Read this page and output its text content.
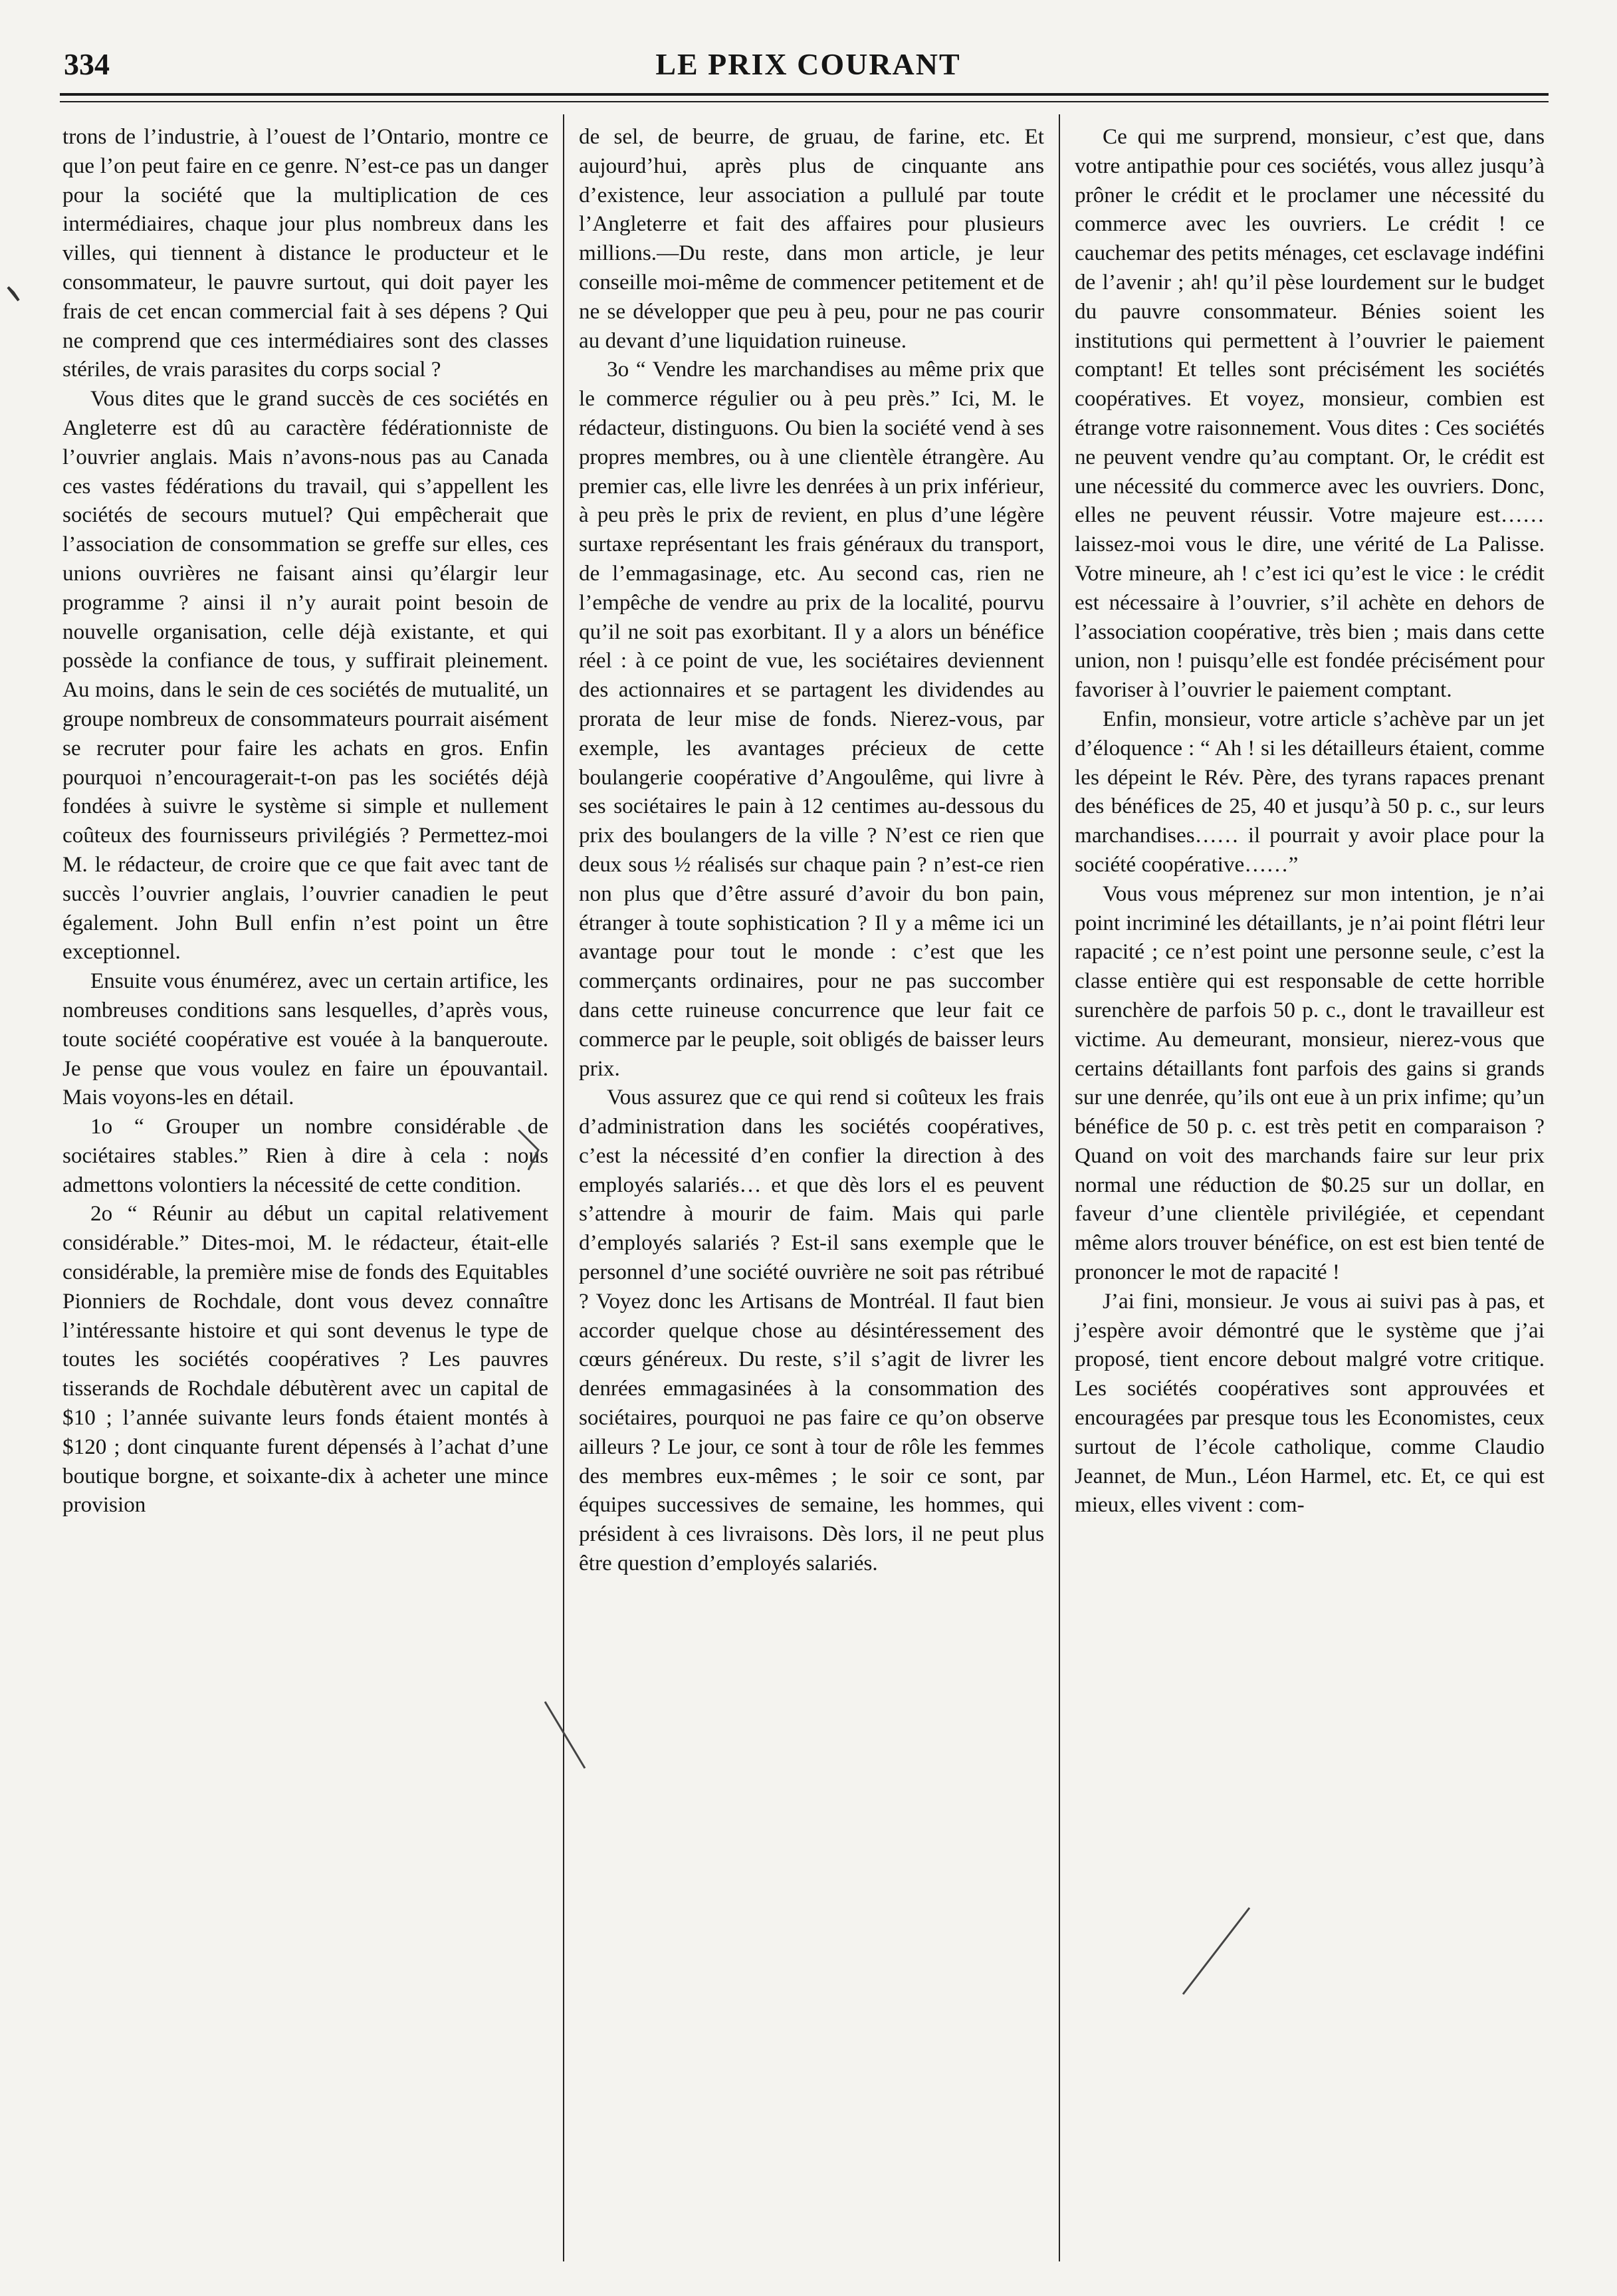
334	LE PRIX COURANT

trons de l’industrie, à l’ouest de l’Ontario, montre ce que l’on peut faire en ce genre. N’est-ce pas un danger pour la société que la multiplication de ces intermédiaires, chaque jour plus nombreux dans les villes, qui tiennent à distance le producteur et le consommateur, le pauvre surtout, qui doit payer les frais de cet encan commercial fait à ses dépens ? Qui ne comprend que ces intermédiaires sont des classes stériles, de vrais parasites du corps social ?

Vous dites que le grand succès de ces sociétés en Angleterre est dû au caractère fédérationniste de l’ouvrier anglais. Mais n’avons-nous pas au Canada ces vastes fédérations du travail, qui s’appellent les sociétés de secours mutuel? Qui empêcherait que l’association de consommation se greffe sur elles, ces unions ouvrières ne faisant ainsi qu’élargir leur programme ? ainsi il n’y aurait point besoin de nouvelle organisation, celle déjà existante, et qui possède la confiance de tous, y suffirait pleinement. Au moins, dans le sein de ces sociétés de mutualité, un groupe nombreux de consommateurs pourrait aisément se recruter pour faire les achats en gros. Enfin pourquoi n’encouragerait-t-on pas les sociétés déjà fondées à suivre le système si simple et nullement coûteux des fournisseurs privilégiés ? Permettez-moi M. le rédacteur, de croire que ce que fait avec tant de succès l’ouvrier anglais, l’ouvrier canadien le peut également. John Bull enfin n’est point un être exceptionnel.

Ensuite vous énumérez, avec un certain artifice, les nombreuses conditions sans lesquelles, d’après vous, toute société coopérative est vouée à la banqueroute. Je pense que vous voulez en faire un épouvantail. Mais voyons-les en détail.

1o “ Grouper un nombre considérable de sociétaires stables.” Rien à dire à cela : nous admettons volontiers la nécessité de cette condition.

2o “ Réunir au début un capital relativement considérable.” Dites-moi, M. le rédacteur, était-elle considérable, la première mise de fonds des Equitables Pionniers de Rochdale, dont vous devez connaître l’intéressante histoire et qui sont devenus le type de toutes les sociétés coopératives ? Les pauvres tisserands de Rochdale débutèrent avec un capital de $10 ; l’année suivante leurs fonds étaient montés à $120 ; dont cinquante furent dépensés à l’achat d’une boutique borgne, et soixante-dix à acheter une mince provision

de sel, de beurre, de gruau, de farine, etc. Et aujourd’hui, après plus de cinquante ans d’existence, leur association a pullulé par toute l’Angleterre et fait des affaires pour plusieurs millions.—Du reste, dans mon article, je leur conseille moi-même de commencer petitement et de ne se développer que peu à peu, pour ne pas courir au devant d’une liquidation ruineuse.

3o “ Vendre les marchandises au même prix que le commerce régulier ou à peu près.” Ici, M. le rédacteur, distinguons. Ou bien la société vend à ses propres membres, ou à une clientèle étrangère. Au premier cas, elle livre les denrées à un prix inférieur, à peu près le prix de revient, en plus d’une légère surtaxe représentant les frais généraux du transport, de l’emmagasinage, etc. Au second cas, rien ne l’empêche de vendre au prix de la localité, pourvu qu’il ne soit pas exorbitant. Il y a alors un bénéfice réel : à ce point de vue, les sociétaires deviennent des actionnaires et se partagent les dividendes au prorata de leur mise de fonds. Nierez-vous, par exemple, les avantages précieux de cette boulangerie coopérative d’Angoulême, qui livre à ses sociétaires le pain à 12 centimes au-dessous du prix des boulangers de la ville ? N’est ce rien que deux sous ½ réalisés sur chaque pain ? n’est-ce rien non plus que d’être assuré d’avoir du bon pain, étranger à toute sophistication ? Il y a même ici un avantage pour tout le monde : c’est que les commerçants ordinaires, pour ne pas succomber dans cette ruineuse concurrence que leur fait ce commerce par le peuple, soit obligés de baisser leurs prix.

Vous assurez que ce qui rend si coûteux les frais d’administration dans les sociétés coopératives, c’est la nécessité d’en confier la direction à des employés salariés… et que dès lors el es peuvent s’attendre à mourir de faim. Mais qui parle d’employés salariés ? Est-il sans exemple que le personnel d’une société ouvrière ne soit pas rétribué ? Voyez donc les Artisans de Montréal. Il faut bien accorder quelque chose au désintéressement des cœurs généreux. Du reste, s’il s’agit de livrer les denrées emmagasinées à la consommation des sociétaires, pourquoi ne pas faire ce qu’on observe ailleurs ? Le jour, ce sont à tour de rôle les femmes des membres eux-mêmes ; le soir ce sont, par équipes successives de semaine, les hommes, qui président à ces livraisons. Dès lors, il ne peut plus être question d’employés salariés.

Ce qui me surprend, monsieur, c’est que, dans votre antipathie pour ces sociétés, vous allez jusqu’à prôner le crédit et le proclamer une nécessité du commerce avec les ouvriers. Le crédit ! ce cauchemar des petits ménages, cet esclavage indéfini de l’avenir ; ah! qu’il pèse lourdement sur le budget du pauvre consommateur. Bénies soient les institutions qui permettent à l’ouvrier le paiement comptant! Et telles sont précisément les sociétés coopératives. Et voyez, monsieur, combien est étrange votre raisonnement. Vous dites : Ces sociétés ne peuvent vendre qu’au comptant. Or, le crédit est une nécessité du commerce avec les ouvriers. Donc, elles ne peuvent réussir. Votre majeure est…… laissez-moi vous le dire, une vérité de La Palisse. Votre mineure, ah ! c’est ici qu’est le vice : le crédit est nécessaire à l’ouvrier, s’il achète en dehors de l’association coopérative, très bien ; mais dans cette union, non ! puisqu’elle est fondée précisément pour favoriser à l’ouvrier le paiement comptant.

Enfin, monsieur, votre article s’achève par un jet d’éloquence : “ Ah ! si les détailleurs étaient, comme les dépeint le Rév. Père, des tyrans rapaces prenant des bénéfices de 25, 40 et jusqu’à 50 p. c., sur leurs marchandises…… il pourrait y avoir place pour la société coopérative……”

Vous vous méprenez sur mon intention, je n’ai point incriminé les détaillants, je n’ai point flétri leur rapacité ; ce n’est point une personne seule, c’est la classe entière qui est responsable de cette horrible surenchère de parfois 50 p. c., dont le travailleur est victime. Au demeurant, monsieur, nierez-vous que certains détaillants font parfois des gains si grands sur une denrée, qu’ils ont eue à un prix infime; qu’un bénéfice de 50 p. c. est très petit en comparaison ? Quand on voit des marchands faire sur leur prix normal une réduction de $0.25 sur un dollar, en faveur d’une clientèle privilégiée, et cependant même alors trouver bénéfice, on est est bien tenté de prononcer le mot de rapacité !

J’ai fini, monsieur. Je vous ai suivi pas à pas, et j’espère avoir démontré que le système que j’ai proposé, tient encore debout malgré votre critique. Les sociétés coopératives sont approuvées et encouragées par presque tous les Economistes, ceux surtout de l’école catholique, comme Claudio Jeannet, de Mun., Léon Harmel, etc. Et, ce qui est mieux, elles vivent : com-
